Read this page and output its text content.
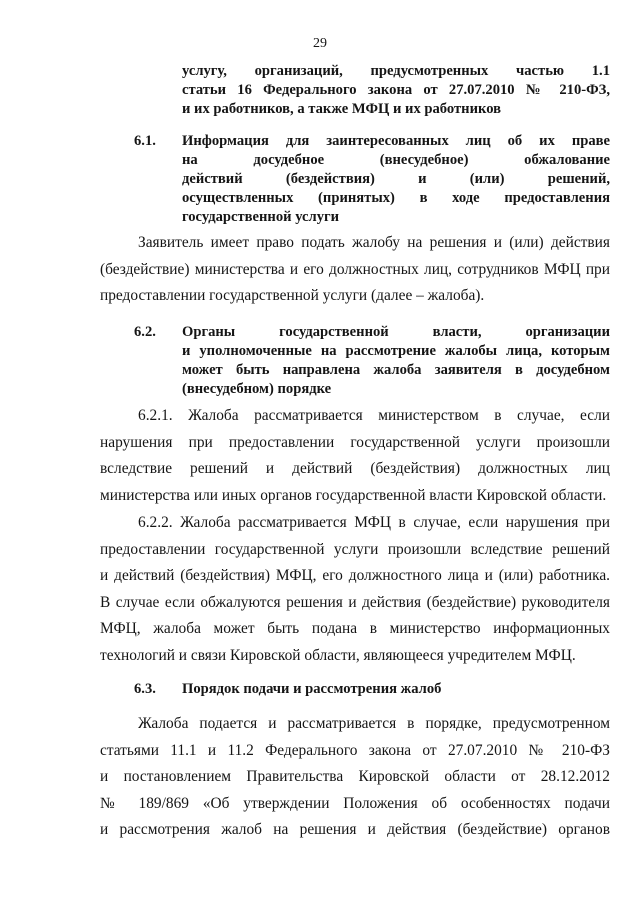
29
услугу, организаций, предусмотренных частью 1.1
статьи 16 Федерального закона от 27.07.2010 № 210-ФЗ,
и их работников, а также МФЦ и их работников
6.1. Информация для заинтересованных лиц об их праве
на досудебное (внесудебное) обжалование
действий (бездействия) и (или) решений,
осуществленных (принятых) в ходе предоставления
государственной услуги
Заявитель имеет право подать жалобу на решения и (или) действия
(бездействие) министерства и его должностных лиц, сотрудников МФЦ при
предоставлении государственной услуги (далее – жалоба).
6.2. Органы государственной власти, организации
и уполномоченные на рассмотрение жалобы лица, которым
может быть направлена жалоба заявителя в досудебном
(внесудебном) порядке
6.2.1. Жалоба рассматривается министерством в случае, если
нарушения при предоставлении государственной услуги произошли
вследствие решений и действий (бездействия) должностных лиц
министерства или иных органов государственной власти Кировской области.
6.2.2. Жалоба рассматривается МФЦ в случае, если нарушения при
предоставлении государственной услуги произошли вследствие решений
и действий (бездействия) МФЦ, его должностного лица и (или) работника.
В случае если обжалуются решения и действия (бездействие) руководителя
МФЦ, жалоба может быть подана в министерство информационных
технологий и связи Кировской области, являющееся учредителем МФЦ.
6.3. Порядок подачи и рассмотрения жалоб
Жалоба подается и рассматривается в порядке, предусмотренном
статьями 11.1 и 11.2 Федерального закона от 27.07.2010 № 210-ФЗ
и постановлением Правительства Кировской области от 28.12.2012
№ 189/869 «Об утверждении Положения об особенностях подачи
и рассмотрения жалоб на решения и действия (бездействие) органов
